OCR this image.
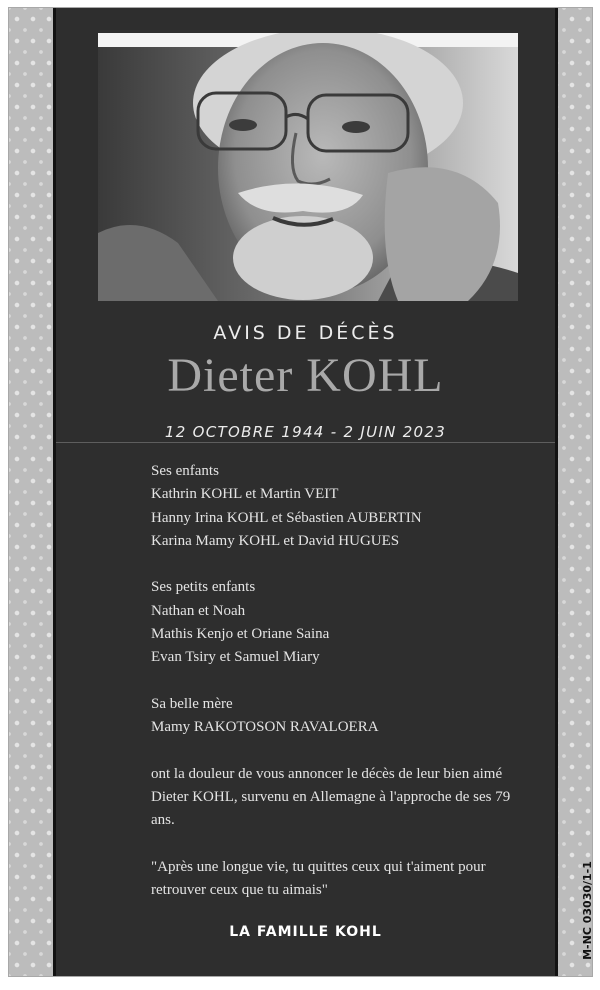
AVIS DE DÉCÈS
Dieter KOHL
12 OCTOBRE 1944 - 2 JUIN 2023
Ses enfants
Kathrin KOHL et Martin VEIT
Hanny Irina KOHL et Sébastien AUBERTIN
Karina Mamy KOHL et David HUGUES
Ses petits enfants
Nathan et Noah
Mathis Kenjo et Oriane Saina
Evan Tsiry et Samuel Miary
Sa belle mère
Mamy RAKOTOSON RAVALOERA
ont la douleur de vous annoncer le décès de leur bien aimé Dieter KOHL, survenu en Allemagne à l'approche de ses 79 ans.
"Après une longue vie, tu quittes ceux qui t'aiment pour retrouver ceux que tu aimais"
LA FAMILLE KOHL	M-NC 03030/1-1
